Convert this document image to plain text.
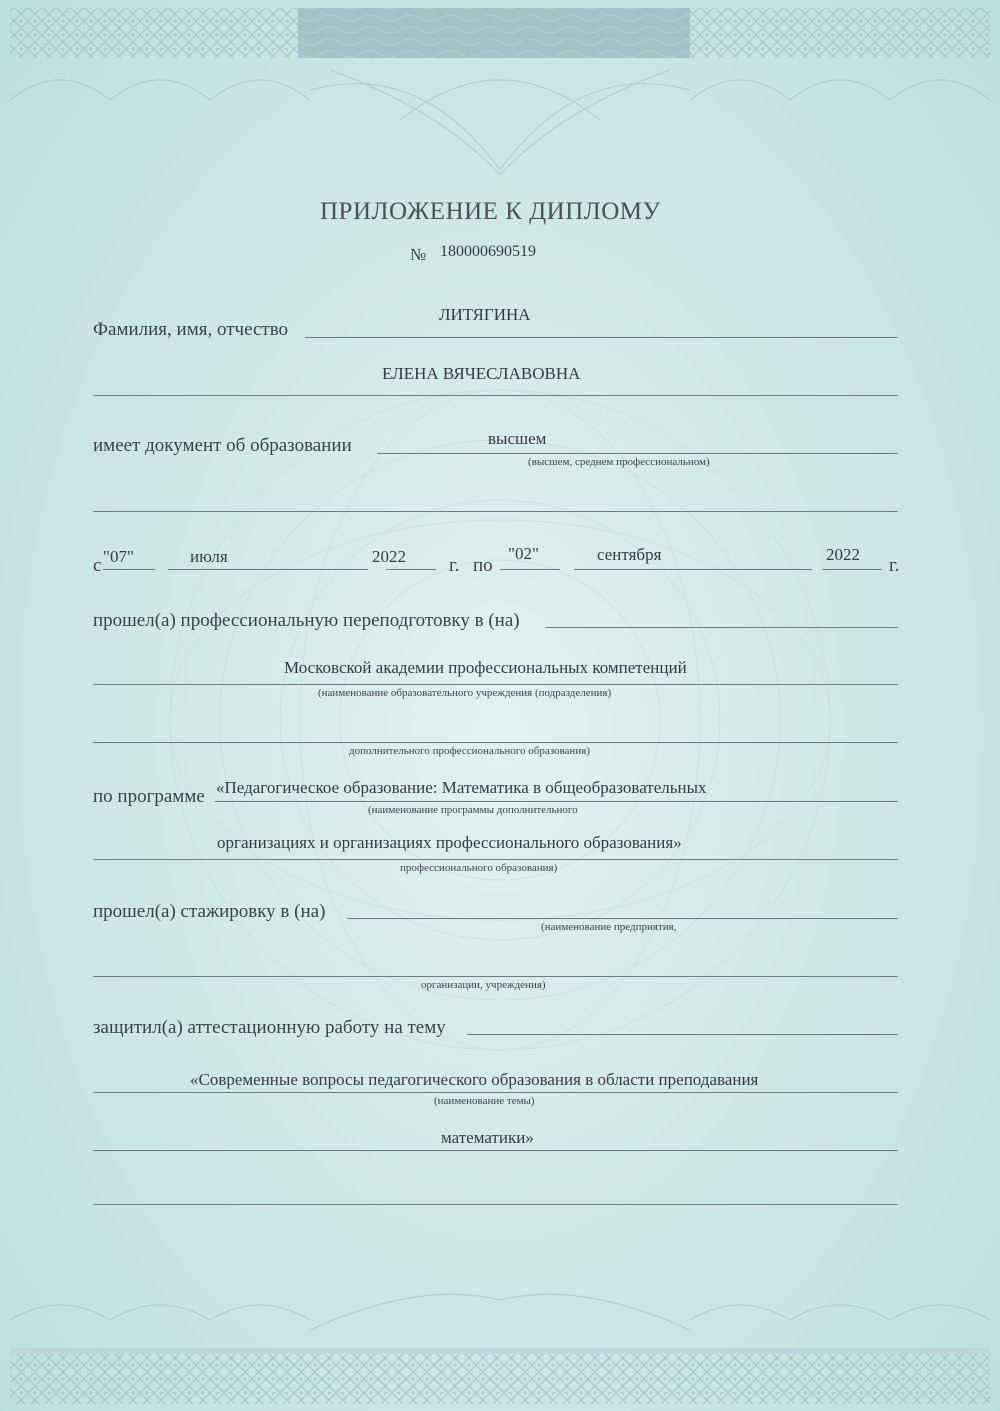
ПРИЛОЖЕНИЕ К ДИПЛОМУ
№ 180000690519
Фамилия, имя, отчество
ЛИТЯГИНА
ЕЛЕНА ВЯЧЕСЛАВОВНА
имеет документ об образовании	высшем
(высшем, среднем профессиональном)
с "07"	июля	2022 г. по
"02"	сентября	2022
г.
прошел(а) профессиональную переподготовку в (на)
Московской академии профессиональных компетенций
(наименование образовательного учреждения (подразделения)
дополнительного профессионального образования)
по программе «Педагогическое образование: Математика в общеобразовательных
(наименование программы дополнительного
организациях и организациях профессионального образования»
профессионального образования)
прошел(а) стажировку в (на)
(наименование предприятия,
организации, учреждения)
защитил(а) аттестационную работу на тему
«Современные вопросы педагогического образования в области преподавания
(наименование темы)
математики»
